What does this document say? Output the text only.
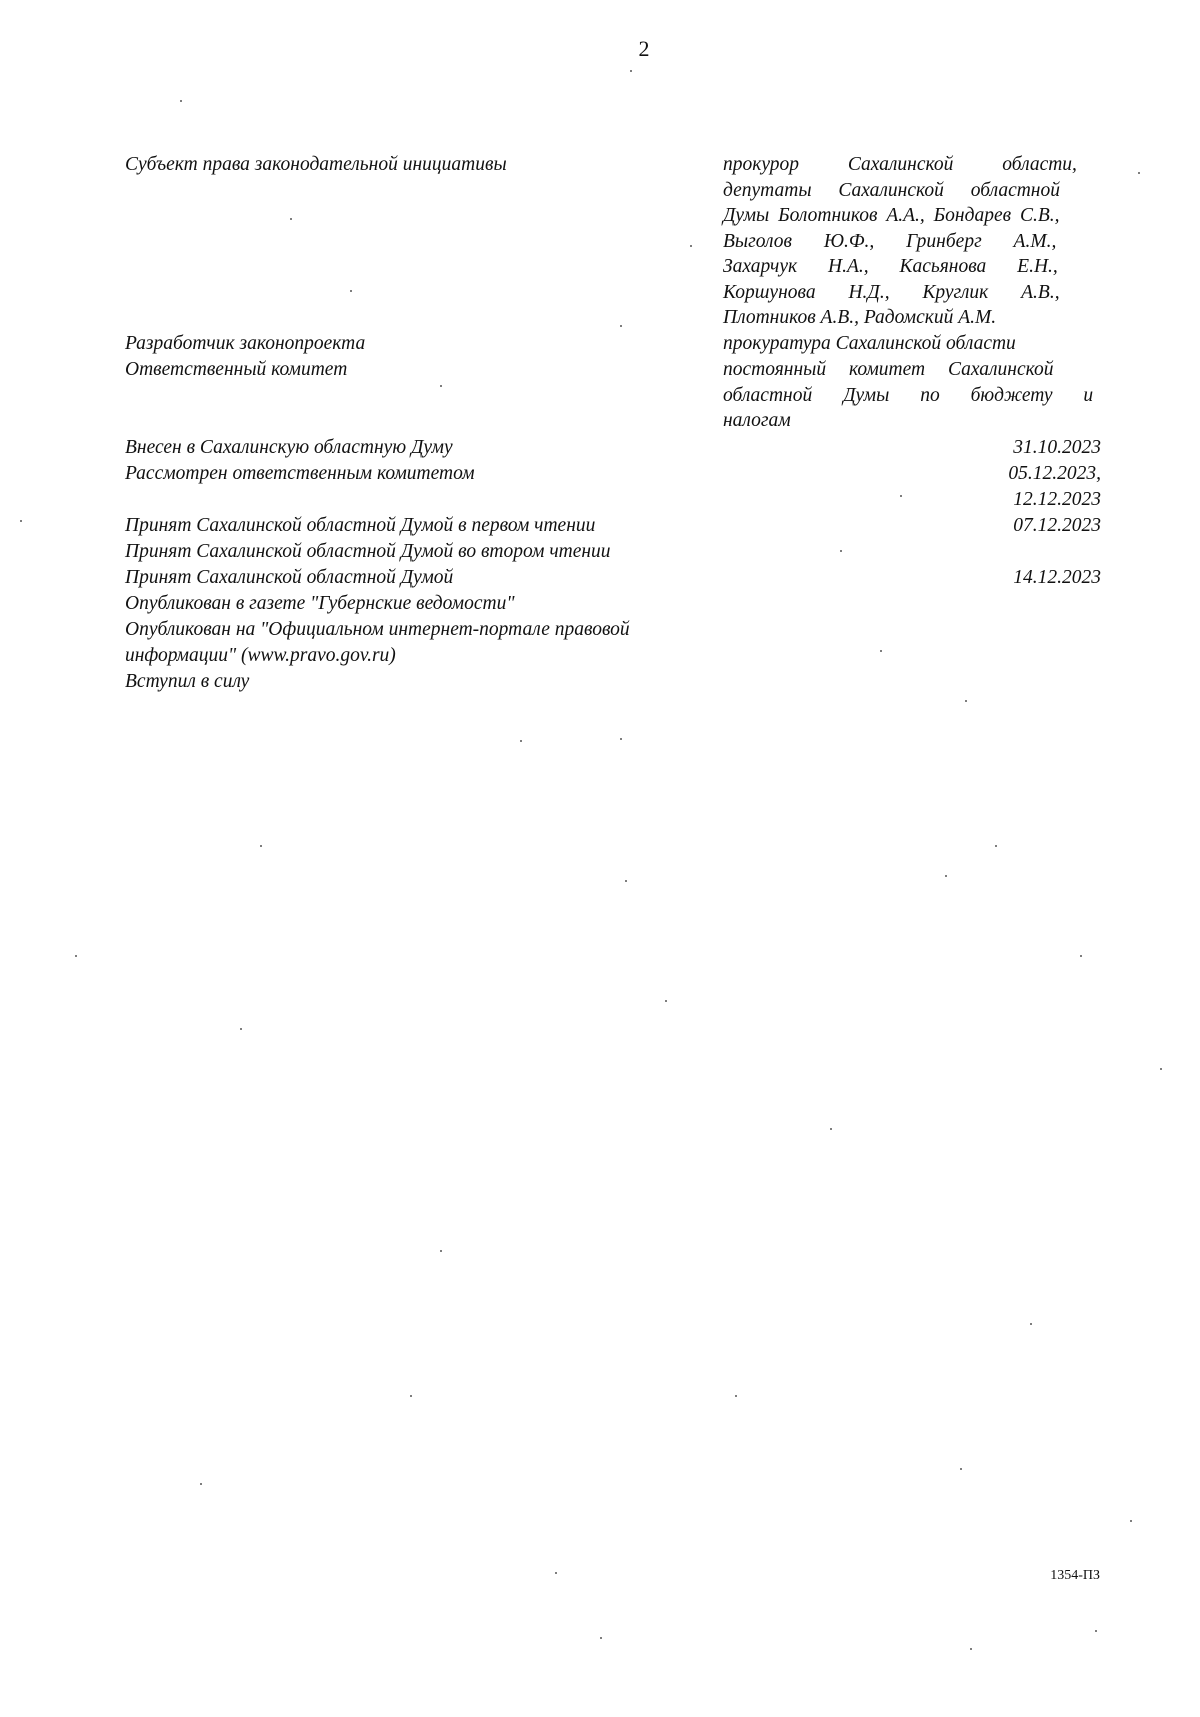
2
Субъект права законодательной инициативы	прокурор Сахалинской области,
депутаты Сахалинской областной
Думы Болотников А.А., Бондарев С.В.,
Выголов Ю.Ф., Гринберг А.М.,
Захарчук Н.А., Касьянова Е.Н.,
Коршунова Н.Д., Круглик А.В.,
Плотников А.В., Радомский А.М.
Разработчик законопроекта	прокуратура Сахалинской области
Ответственный комитет	постоянный комитет Сахалинской
областной Думы по бюджету и
налогам
Внесен в Сахалинскую областную Думу	31.10.2023
Рассмотрен ответственным комитетом	05.12.2023,
12.12.2023
Принят Сахалинской областной Думой в первом чтении	07.12.2023
Принят Сахалинской областной Думой во втором чтении
Принят Сахалинской областной Думой	14.12.2023
Опубликован в газете "Губернские ведомости"
Опубликован на "Официальном интернет-портале правовой
информации" (www.pravo.gov.ru)
Вступил в силу
1354-ПЗ
